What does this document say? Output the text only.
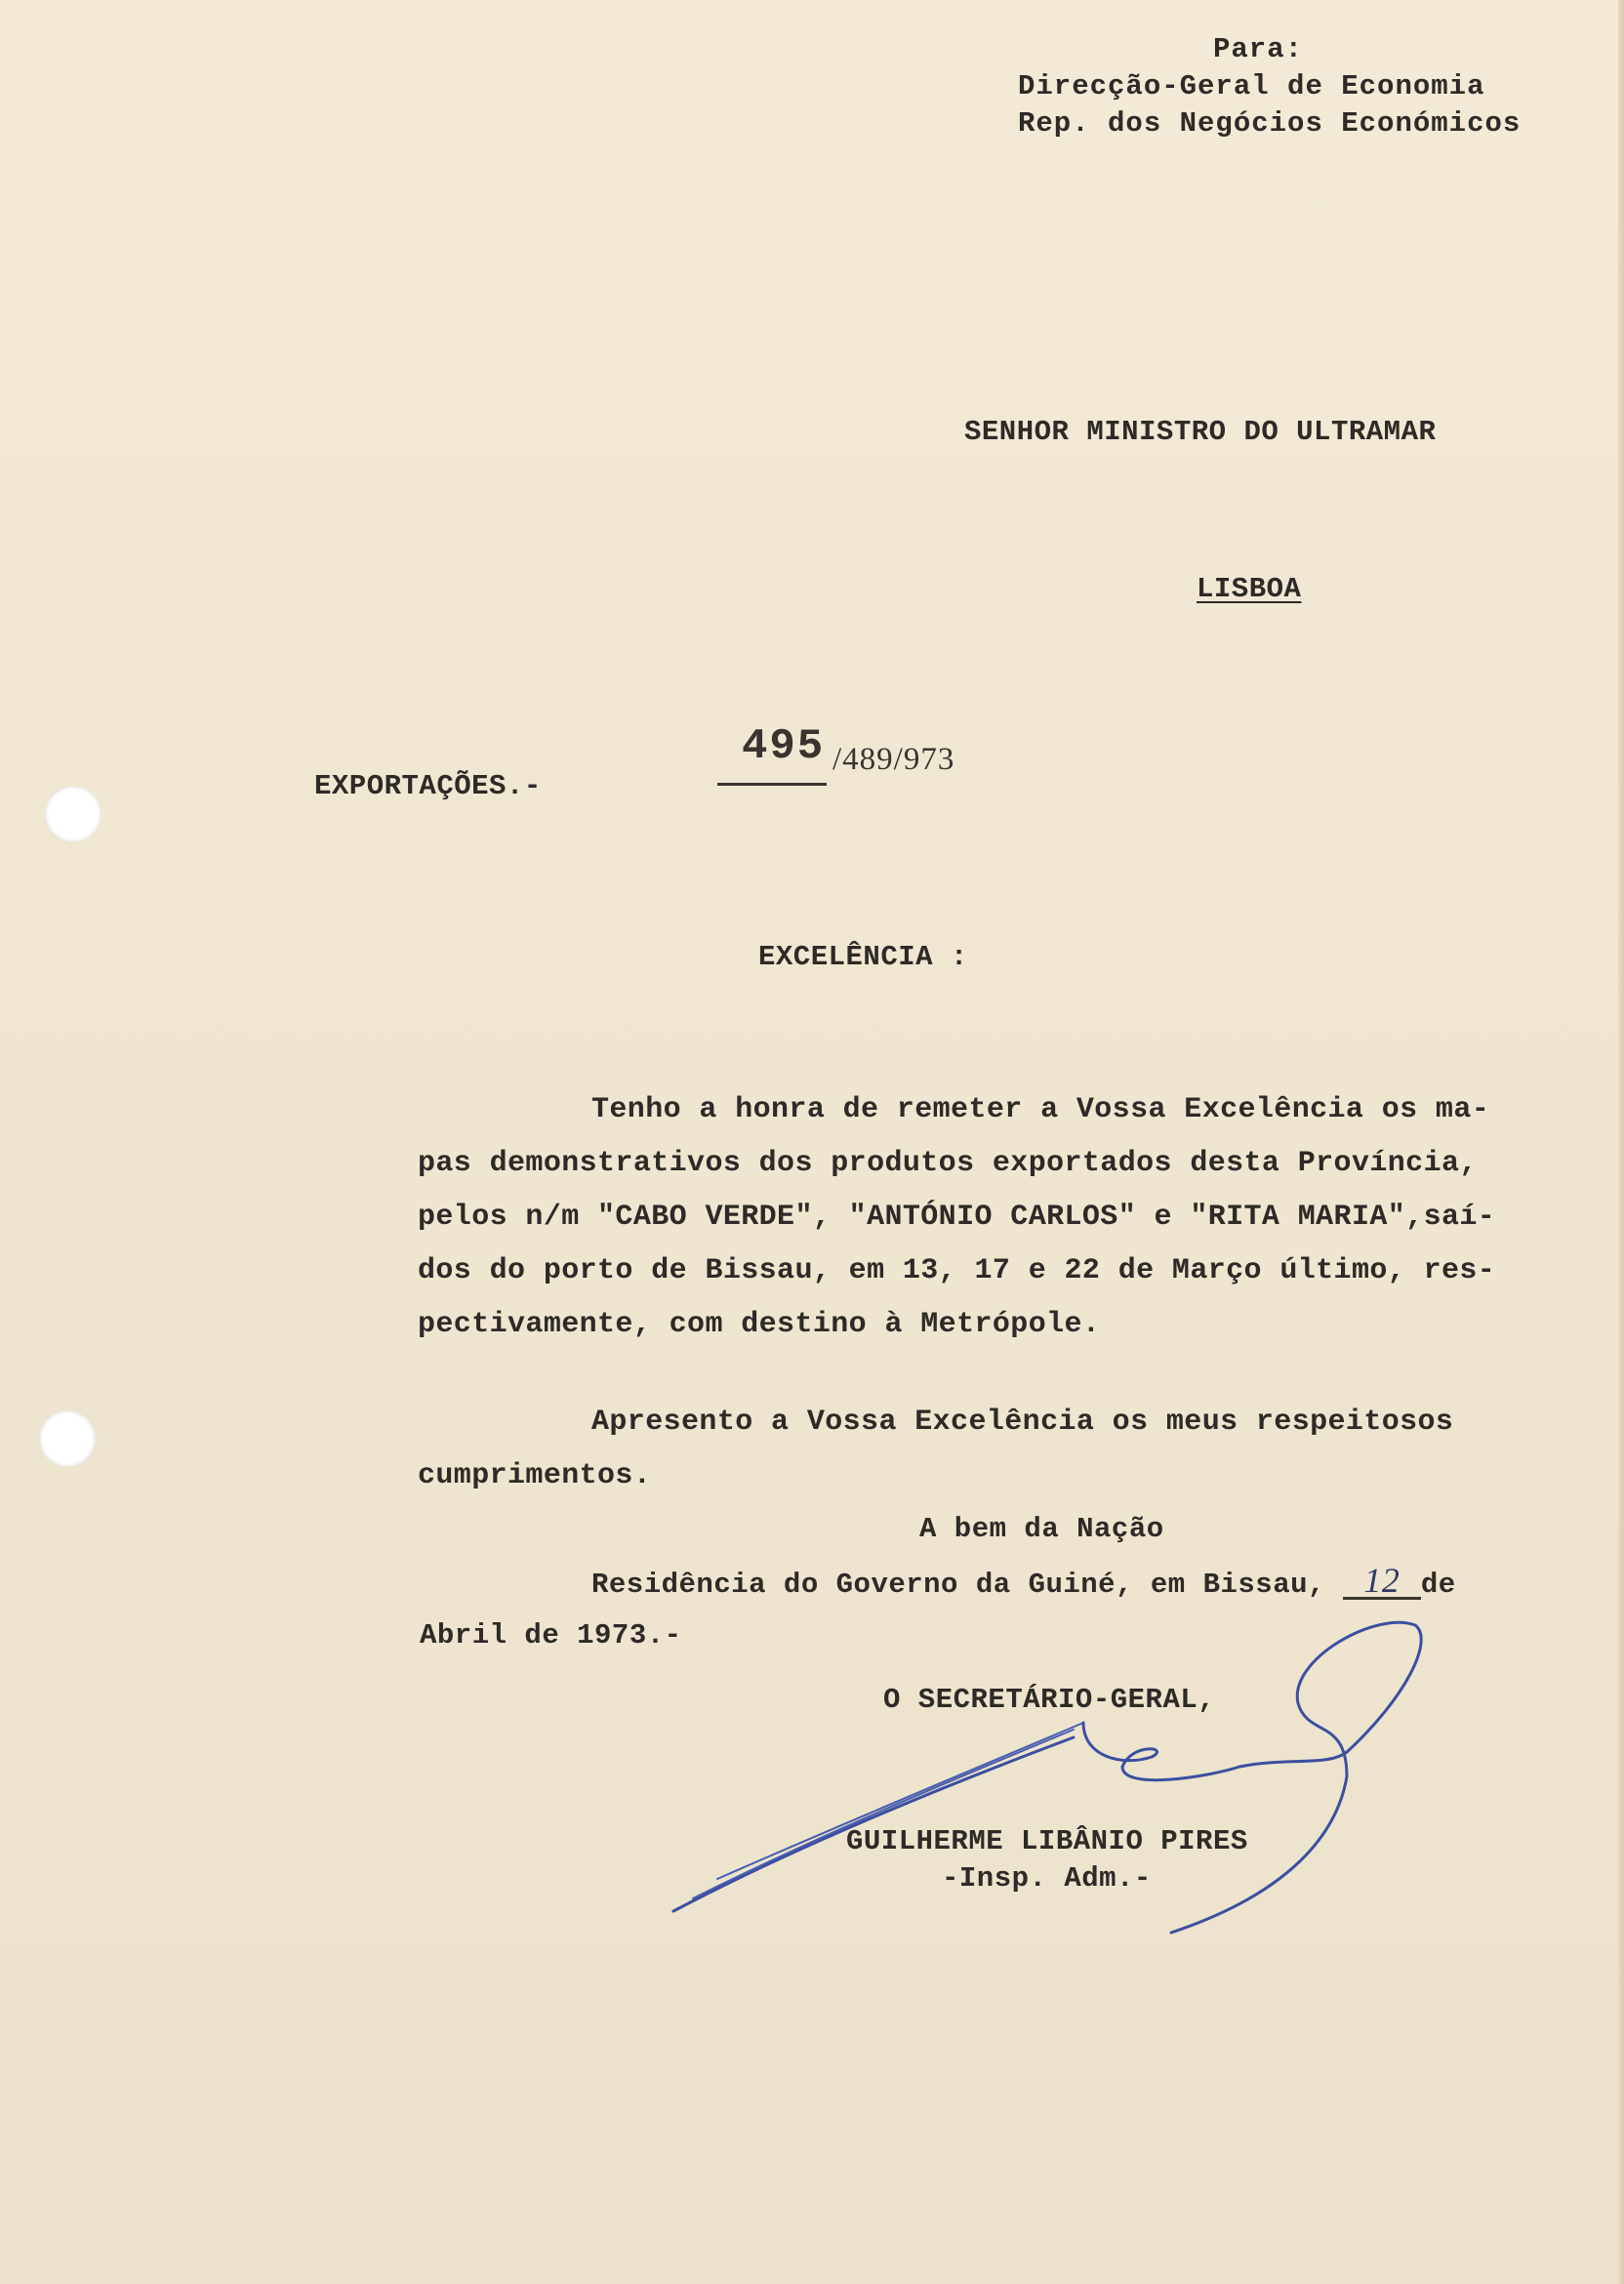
Para:
Direcção-Geral de Economia
Rep. dos Negócios Económicos
SENHOR MINISTRO DO ULTRAMAR
LISBOA
EXPORTAÇÕES.-
495 /489/973
EXCELÊNCIA :
Tenho a honra de remeter a Vossa Excelência os ma-
pas demonstrativos dos produtos exportados desta Província,
pelos n/m "CABO VERDE", "ANTÓNIO CARLOS" e "RITA MARIA",saí-
dos do porto de Bissau, em 13, 17 e 22 de Março último, res-
pectivamente, com destino à Metrópole.
Apresento a Vossa Excelência os meus respeitosos
cumprimentos.
A bem da Nação
Residência do Governo da Guiné, em Bissau, 12 de
Abril de 1973.-
O SECRETÁRIO-GERAL,
GUILHERME LIBÂNIO PIRES
-Insp. Adm.-
